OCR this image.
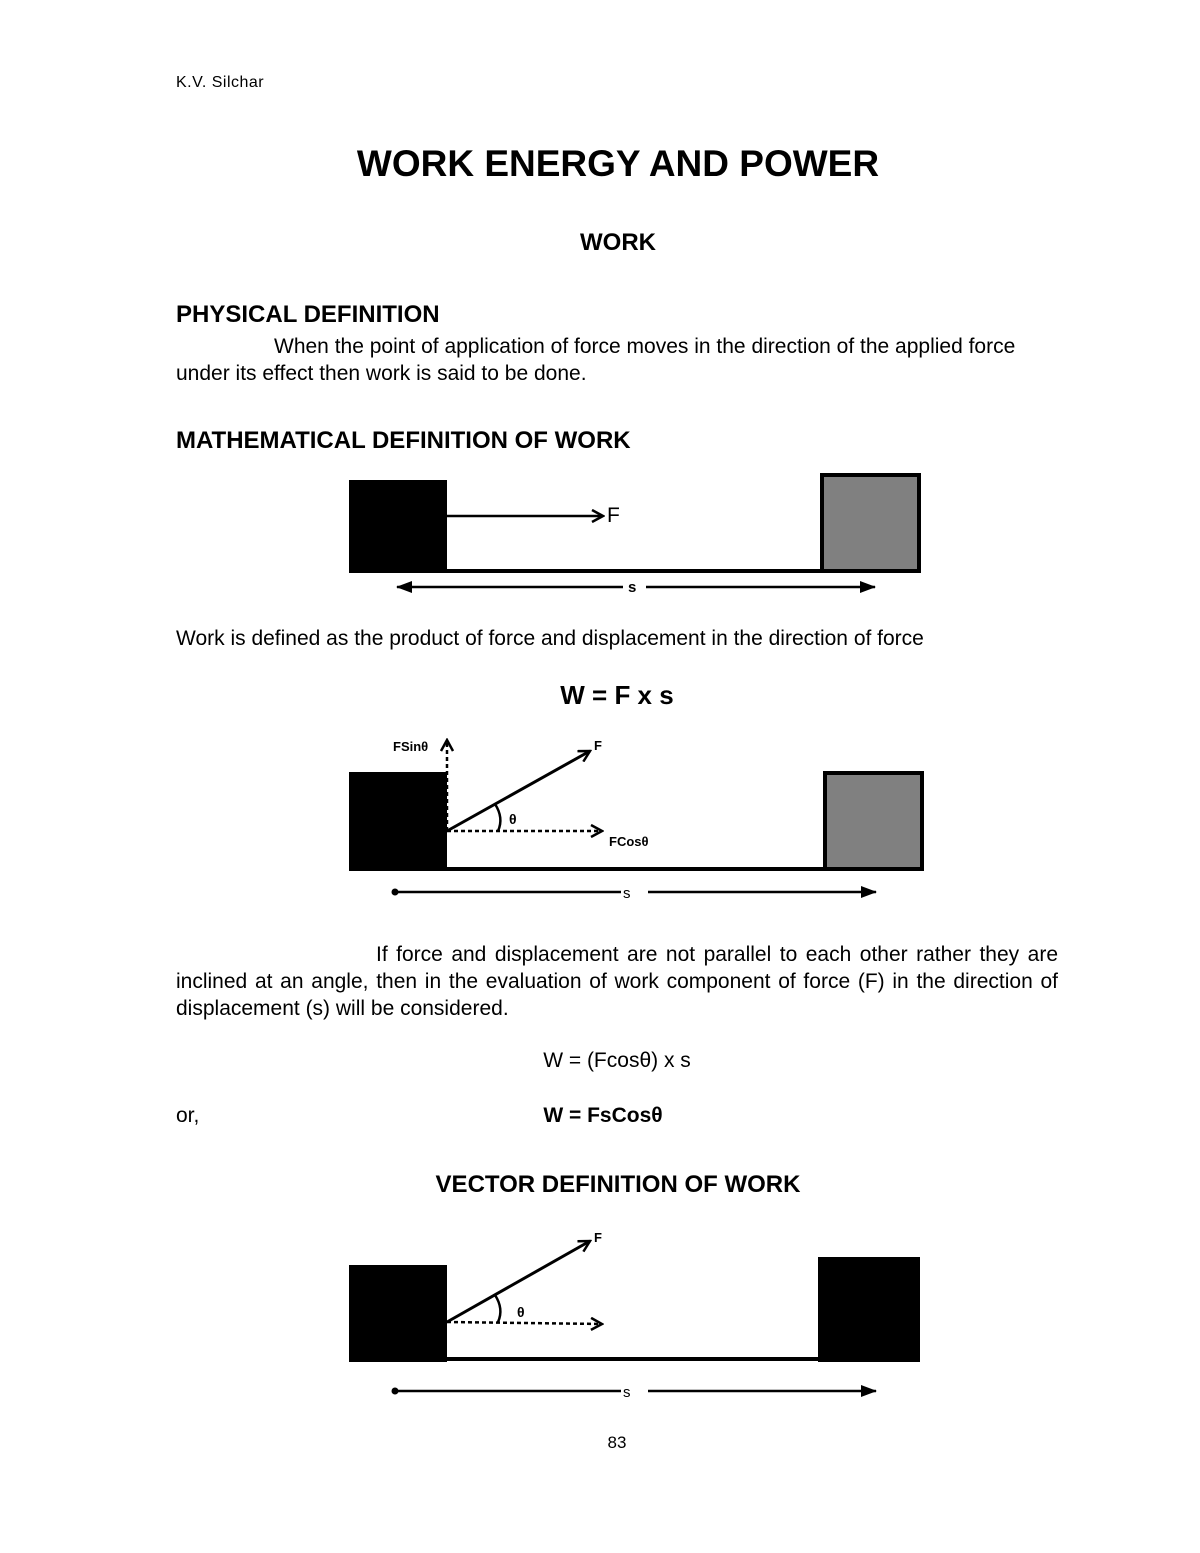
K.V. Silchar
WORK ENERGY AND POWER
WORK
PHYSICAL DEFINITION
When the point of application of force moves in the direction of the applied force under its effect then work is said to be done.
MATHEMATICAL DEFINITION OF WORK
F
s
Work is defined as the product of force and displacement in the direction of force
W = F x s
FSinθ	F
θ
FCosθ
s
If force and displacement are not parallel to each other rather they are inclined at an angle, then in the evaluation of work component of force (F) in the direction of displacement (s) will be considered.
W = (Fcosθ) x s
or,	W = FsCosθ
VECTOR DEFINITION OF WORK
F
θ
s
83
